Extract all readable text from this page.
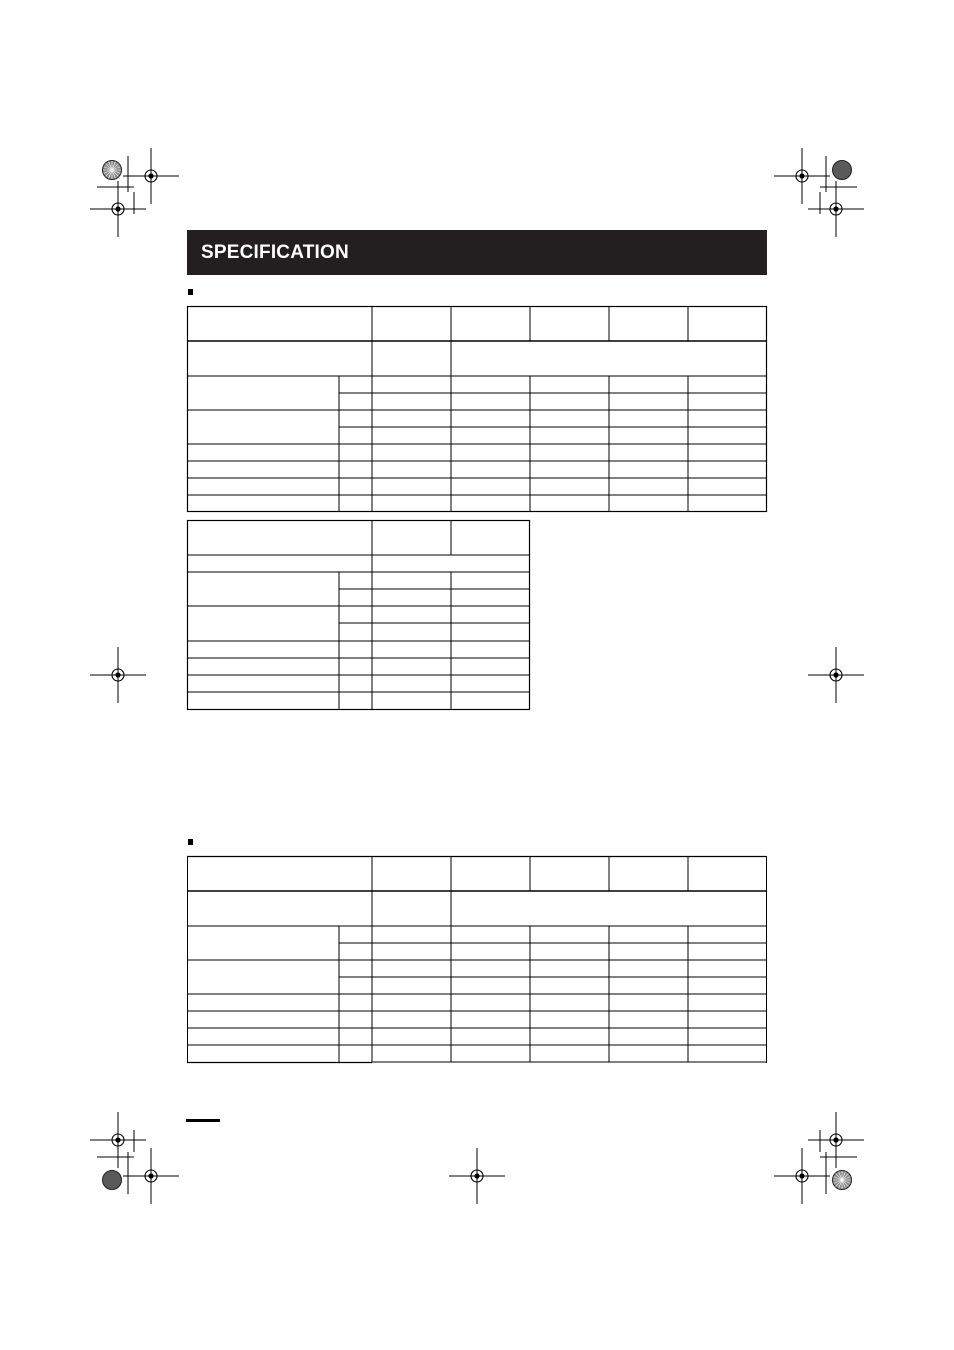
SPECIFICATION
